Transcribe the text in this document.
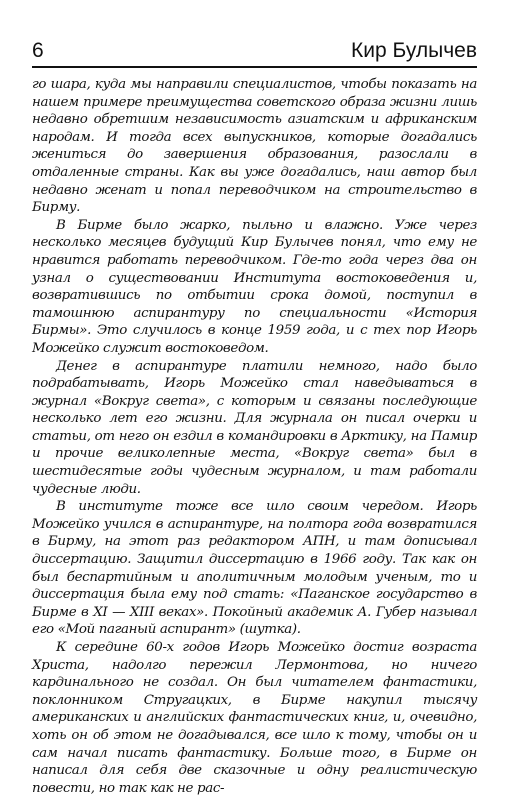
6	Кир Булычев

го шара, куда мы направили специалистов, чтобы показать на нашем примере преимущества советского образа жизни лишь недавно обретшим независимость азиатским и африканским народам. И тогда всех выпускников, которые догадались жениться до завершения образования, разослали в отдаленные страны. Как вы уже догадались, наш автор был недавно женат и попал переводчиком на строительство в Бирму.

В Бирме было жарко, пыльно и влажно. Уже через несколько месяцев будущий Кир Булычев понял, что ему не нравится работать переводчиком. Где-то года через два он узнал о существовании Института востоковедения и, возвратившись по отбытии срока домой, поступил в тамошнюю аспирантуру по специальности «История Бирмы». Это случилось в конце 1959 года, и с тех пор Игорь Можейко служит востоковедом.

Денег в аспирантуре платили немного, надо было подрабатывать, Игорь Можейко стал наведываться в журнал «Вокруг света», с которым и связаны последующие несколько лет его жизни. Для журнала он писал очерки и статьи, от него он ездил в командировки в Арктику, на Памир и прочие великолепные места, «Вокруг света» был в шестидесятые годы чудесным журналом, и там работали чудесные люди.

В институте тоже все шло своим чередом. Игорь Можейко учился в аспирантуре, на полтора года возвратился в Бирму, на этот раз редактором АПН, и там дописывал диссертацию. Защитил диссертацию в 1966 году. Так как он был беспартийным и аполитичным молодым ученым, то и диссертация была ему под стать: «Паганское государство в Бирме в XI — XIII веках». Покойный академик А. Губер называл его «Мой паганый аспирант» (шутка).

К середине 60-х годов Игорь Можейко достиг возраста Христа, надолго пережил Лермонтова, но ничего кардинального не создал. Он был читателем фантастики, поклонником Стругацких, в Бирме накупил тысячу американских и английских фантастических книг, и, очевидно, хоть он об этом не догадывался, все шло к тому, чтобы он и сам начал писать фантастику. Больше того, в Бирме он написал для себя две сказочные и одну реалистическую повести, но так как не рас-
